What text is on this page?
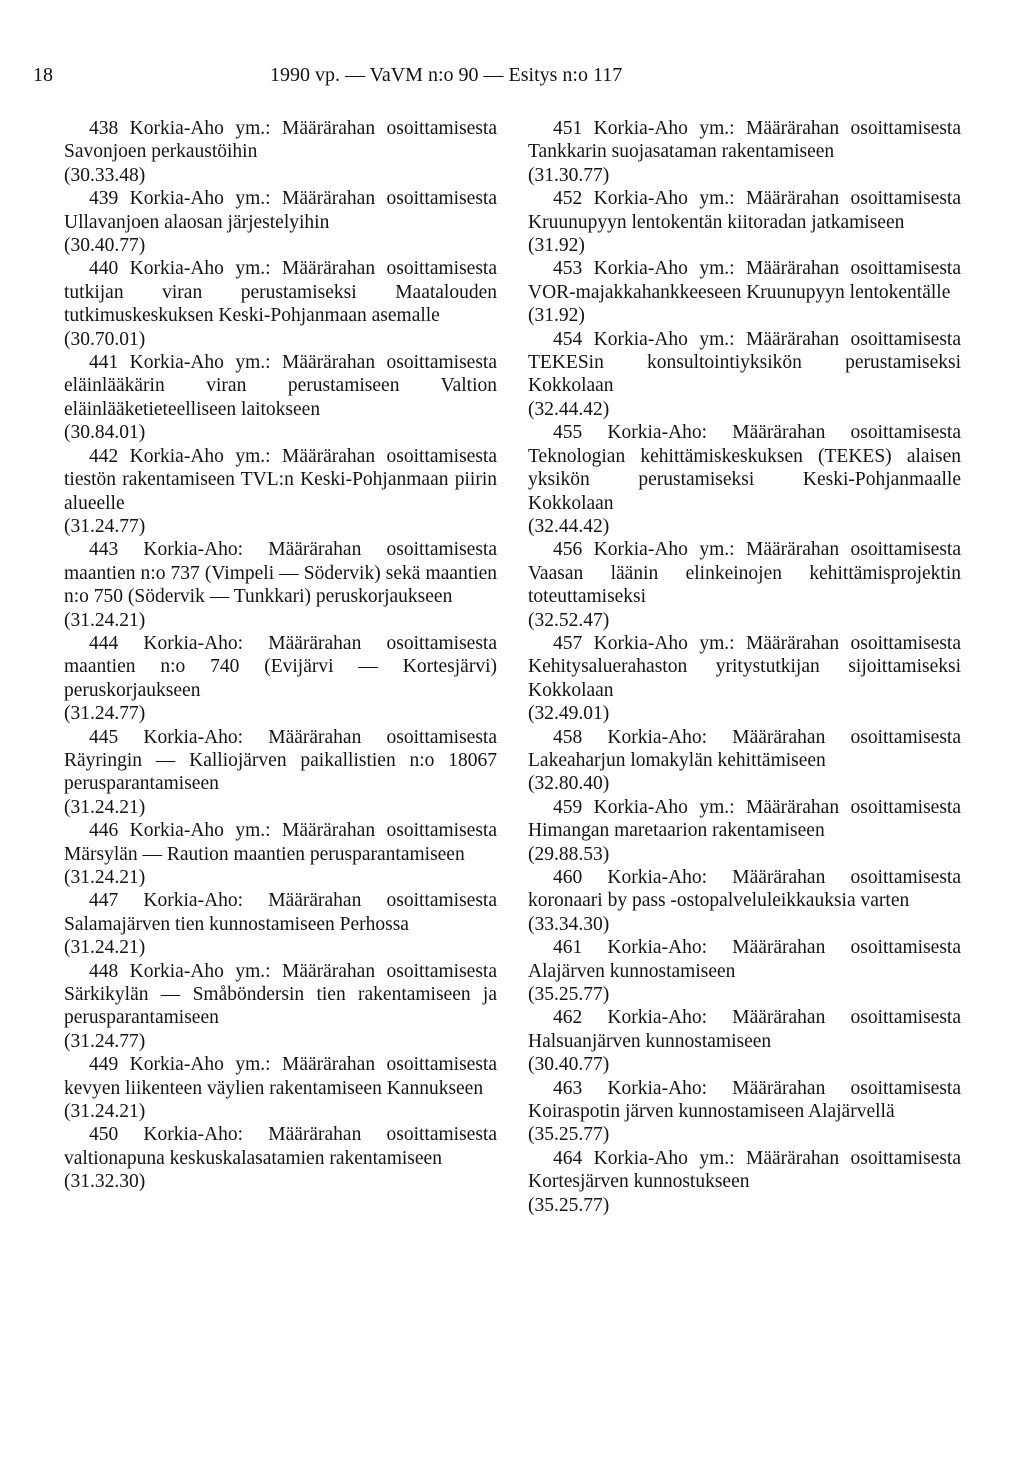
18	1990 vp. — VaVM n:o 90 — Esitys n:o 117
438 Korkia-Aho ym.: Määrärahan osoittamisesta Savonjoen perkaustöihin
(30.33.48)
439 Korkia-Aho ym.: Määrärahan osoittamisesta Ullavanjoen alaosan järjestelyihin
(30.40.77)
440 Korkia-Aho ym.: Määrärahan osoittamisesta tutkijan viran perustamiseksi Maatalouden tutkimuskeskuksen Keski-Pohjanmaan asemalle
(30.70.01)
441 Korkia-Aho ym.: Määrärahan osoittamisesta eläinlääkärin viran perustamiseen Valtion eläinlääketieteelliseen laitokseen
(30.84.01)
442 Korkia-Aho ym.: Määrärahan osoittamisesta tiestön rakentamiseen TVL:n Keski-Pohjanmaan piirin alueelle
(31.24.77)
443 Korkia-Aho: Määrärahan osoittamisesta maantien n:o 737 (Vimpeli — Södervik) sekä maantien n:o 750 (Södervik — Tunkkari) peruskorjaukseen
(31.24.21)
444 Korkia-Aho: Määrärahan osoittamisesta maantien n:o 740 (Evijärvi — Kortesjärvi) peruskorjaukseen
(31.24.77)
445 Korkia-Aho: Määrärahan osoittamisesta Räyringin — Kalliojärven paikallistien n:o 18067 perusparantamiseen
(31.24.21)
446 Korkia-Aho ym.: Määrärahan osoittamisesta Märsylän — Raution maantien perusparantamiseen
(31.24.21)
447 Korkia-Aho: Määrärahan osoittamisesta Salamajärven tien kunnostamiseen Perhossa
(31.24.21)
448 Korkia-Aho ym.: Määrärahan osoittamisesta Särkikylän — Småböndersin tien rakentamiseen ja perusparantamiseen
(31.24.77)
449 Korkia-Aho ym.: Määrärahan osoittamisesta kevyen liikenteen väylien rakentamiseen Kannukseen
(31.24.21)
450 Korkia-Aho: Määrärahan osoittamisesta valtionapuna keskuskalasatamien rakentamiseen
(31.32.30)
451 Korkia-Aho ym.: Määrärahan osoittamisesta Tankkarin suojasataman rakentamiseen
(31.30.77)
452 Korkia-Aho ym.: Määrärahan osoittamisesta Kruunupyyn lentokentän kiitoradan jatkamiseen
(31.92)
453 Korkia-Aho ym.: Määrärahan osoittamisesta VOR-majakkahankkeeseen Kruunupyyn lentokentälle
(31.92)
454 Korkia-Aho ym.: Määrärahan osoittamisesta TEKESin konsultointiyksikön perustamiseksi Kokkolaan
(32.44.42)
455 Korkia-Aho: Määrärahan osoittamisesta Teknologian kehittämiskeskuksen (TEKES) alaisen yksikön perustamiseksi Keski-Pohjanmaalle Kokkolaan
(32.44.42)
456 Korkia-Aho ym.: Määrärahan osoittamisesta Vaasan läänin elinkeinojen kehittämisprojektin toteuttamiseksi
(32.52.47)
457 Korkia-Aho ym.: Määrärahan osoittamisesta Kehitysaluerahaston yritystutkijan sijoittamiseksi Kokkolaan
(32.49.01)
458 Korkia-Aho: Määrärahan osoittamisesta Lakeaharjun lomakylän kehittämiseen
(32.80.40)
459 Korkia-Aho ym.: Määrärahan osoittamisesta Himangan maretaarion rakentamiseen
(29.88.53)
460 Korkia-Aho: Määrärahan osoittamisesta koronaari by pass -ostopalveluleikkauksia varten
(33.34.30)
461 Korkia-Aho: Määrärahan osoittamisesta Alajärven kunnostamiseen
(35.25.77)
462 Korkia-Aho: Määrärahan osoittamisesta Halsuanjärven kunnostamiseen
(30.40.77)
463 Korkia-Aho: Määrärahan osoittamisesta Koiraspotin järven kunnostamiseen Alajärvellä
(35.25.77)
464 Korkia-Aho ym.: Määrärahan osoittamisesta Kortesjärven kunnostukseen
(35.25.77)
